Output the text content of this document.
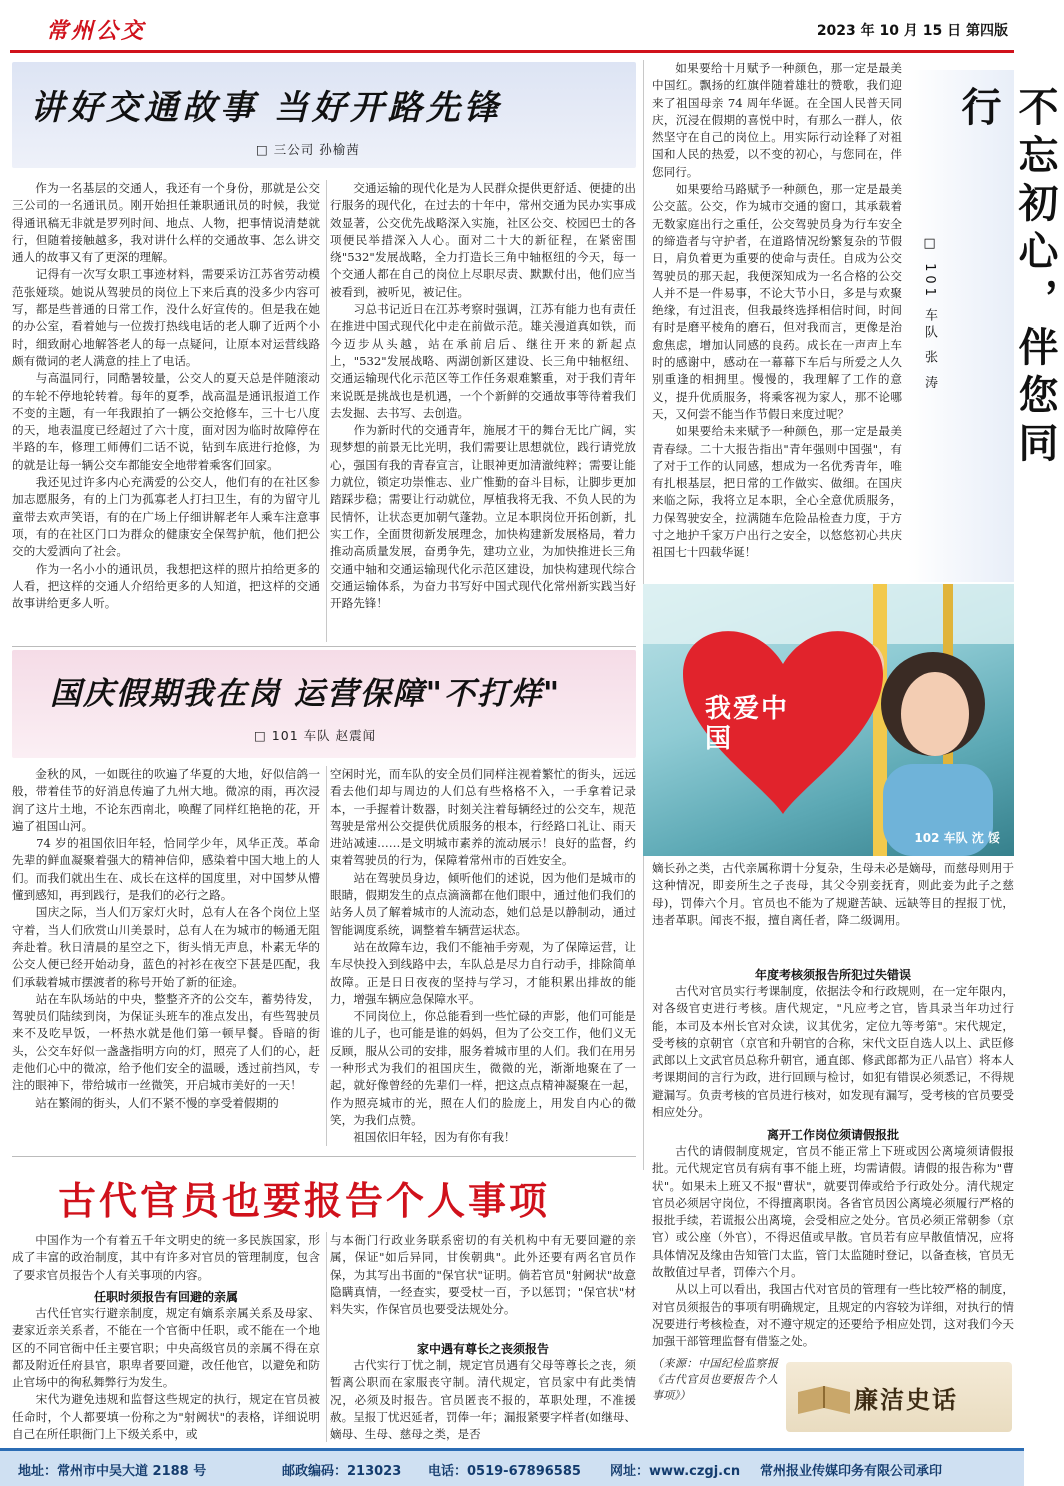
常州公交	2023 年 10 月 15 日 第四版
讲好交通故事 当好开路先锋
□ 三公司 孙榆茜
作为一名基层的交通人，我还有一个身份，那就是公交三公司的一名通讯员。刚开始担任兼职通讯员的时候，我觉得通讯稿无非就是罗列时间、地点、人物，把事情说清楚就行，但随着接触越多，我对讲什么样的交通故事、怎么讲交通人的故事又有了更深的理解。
　　记得有一次写女职工事迹材料，需要采访江苏省劳动模范张娅琰。她说从驾驶员的岗位上下来后真的没多少内容可写，都是些普通的日常工作，没什么好宣传的。但是我在她的办公室，看着她与一位拨打热线电话的老人聊了近两个小时，细致耐心地解答老人的每一点疑问，让原本对运营线路颇有微词的老人满意的挂上了电话。
　　与高温同行，同酷暑较量，公交人的夏天总是伴随滚动的车轮不停地轮转着。每年的夏季，战高温是通讯报道工作不变的主题，有一年我跟拍了一辆公交抢修车，三十七八度的天，地表温度已经超过了六十度，面对因为临时故障停在半路的车，修理工师傅们二话不说，钻到车底进行抢修，为的就是让每一辆公交车都能安全地带着乘客们回家。
　　我还见过许多内心充满爱的公交人，他们有的在社区参加志愿服务，有的上门为孤寡老人打扫卫生，有的为留守儿童带去欢声笑语，有的在广场上仔细讲解老年人乘车注意事项，有的在社区门口为群众的健康安全保驾护航，他们把公交的大爱洒向了社会。
　　作为一名小小的通讯员，我想把这样的照片拍给更多的人看，把这样的交通人介绍给更多的人知道，把这样的交通故事讲给更多人听。
交通运输的现代化是为人民群众提供更舒适、便捷的出行服务的现代化，在过去的十年中，常州交通为民办实事成效显著，公交优先战略深入实施，社区公交、校园巴士的各项便民举措深入人心。面对二十大的新征程，在紧密围绕"532"发展战略，全力打造长三角中轴枢纽的今天，每一个交通人都在自己的岗位上尽职尽责、默默付出，他们应当被看到，被听见，被记住。
　　习总书记近日在江苏考察时强调，江苏有能力也有责任在推进中国式现代化中走在前做示范。雄关漫道真如铁，而今迈步从头越，站在承前启后、继往开来的新起点上，"532"发展战略、两湖创新区建设、长三角中轴枢纽、交通运输现代化示范区等工作任务艰难繁重，对于我们青年来说既是挑战也是机遇，一个个新鲜的交通故事等待着我们去发掘、去书写、去创造。
　　作为新时代的交通青年，施展才干的舞台无比广阔，实现梦想的前景无比光明，我们需要让思想就位，践行请党放心，强国有我的青春宣言，让眼神更加清澈纯粹；需要让能力就位，锁定功崇惟志、业广惟勤的奋斗目标，让脚步更加踏踩步稳；需要让行动就位，厚植我将无我、不负人民的为民情怀，让状态更加朝气蓬勃。立足本职岗位开拓创新，扎实工作，全面贯彻新发展理念，加快构建新发展格局，着力推动高质量发展，奋勇争先，建功立业，为加快推进长三角交通中轴和交通运输现代化示范区建设，加快构建现代综合交通运输体系，为奋力书写好中国式现代化常州新实践当好开路先锋！
如果要给十月赋予一种颜色，那一定是最美中国红。飘扬的红旗伴随着雄壮的赞歌，我们迎来了祖国母亲 74 周年华诞。在全国人民普天同庆，沉浸在假期的喜悦中时，有那么一群人，依然坚守在自己的岗位上。用实际行动诠释了对祖国和人民的热爱，以不变的初心，与您同在，伴您同行。
　　如果要给马路赋予一种颜色，那一定是最美公交蓝。公交，作为城市交通的窗口，其承载着无数家庭出行之重任，公交驾驶员身为行车安全的缔造者与守护者，在道路情况纷繁复杂的节假日，肩负着更为重要的使命与责任。自成为公交驾驶员的那天起，我便深知成为一名合格的公交人并不是一件易事，不论大节小日，多是与欢聚绝缘，有过沮丧，但我最终选择相信时间，时间有时是磨平棱角的磨石，但对我而言，更像是治愈焦虑，增加认同感的良药。成长在一声声上车时的感谢中，感动在一幕幕下车后与所爱之人久别重逢的相拥里。慢慢的，我理解了工作的意义，提升优质服务，将乘客视为家人，那不论哪天，又何尝不能当作节假日来度过呢？
　　如果要给未来赋予一种颜色，那一定是最美青春绿。二十大报告指出"青年强则中国强"，有了对于工作的认同感，想成为一名优秀青年，唯有扎根基层，把日常的工作做实、做细。在国庆来临之际，我将立足本职，全心全意优质服务，力保驾驶安全，拉满随车危险品检查力度，于方寸之地护千家万户出行之安全，以悠悠初心共庆祖国七十四载华诞！
不忘初心，伴您同行
□ 101 车队 张 涛
我爱中国
102 车队 沈 馁
国庆假期我在岗 运营保障"不打烊"
□ 101 车队 赵震闻
金秋的风，一如既往的吹遍了华夏的大地，好似信鸽一般，带着佳节的好消息传遍了九州大地。微凉的雨，再次浸润了这片土地，不论东西南北，唤醒了同样红艳艳的花，开遍了祖国山河。
　　74 岁的祖国依旧年轻，恰同学少年，风华正茂。革命先辈的鲜血凝聚着强大的精神信仰，感染着中国大地上的人们。而我们就出生在、成长在这样的国度里，对中国梦从懵懂到感知，再到践行，是我们的必行之路。
　　国庆之际，当人们万家灯火时，总有人在各个岗位上坚守着，当人们欣赏山川美景时，总有人在为城市的畅通无阻奔赴着。秋日清晨的星空之下，街头悄无声息，朴素无华的公交人便已经开始动身，蓝色的衬衫在夜空下甚是匹配，我们承载着城市摆渡者的称号开始了新的征途。
　　站在车队场站的中央，整整齐齐的公交车，蓄势待发，驾驶员们陆续到岗，为保证头班车的准点发出，有些驾驶员来不及吃早饭，一杯热水就是他们第一顿早餐。昏暗的街头，公交车好似一盏盏指明方向的灯，照亮了人们的心，赶走他们心中的微凉，给予他们安全的温暖，透过前挡风，专注的眼神下，带给城市一丝微笑，开启城市美好的一天！
　　站在繁闹的街头，人们不紧不慢的享受着假期的
空闲时光，而车队的安全员们同样注视着繁忙的街头，远远看去他们却与周边的人们总有些格格不入，一手拿着记录本，一手握着计数器，时刻关注着每辆经过的公交车，规范驾驶是常州公交提供优质服务的根本，行经路口礼让、雨天进站减速……是文明城市素养的流动展示！良好的监督，约束着驾驶员的行为，保障着常州市的百姓安全。
　　站在驾驶员身边，倾听他们的述说，因为他们是城市的眼睛，假期发生的点点滴滴都在他们眼中，通过他们我们的站务人员了解着城市的人流动态，她们总是以静制动，通过智能调度系统，调整着车辆营运状态。
　　站在故障车边，我们不能袖手旁观，为了保障运营，让车尽快投入到线路中去，车队总是尽力自行动手，排除简单故障。正是日日夜夜的坚持与学习，才能积累出排故的能力，增强车辆应急保障水平。
　　不同岗位上，你总能看到一些忙碌的声影，他们可能是谁的儿子，也可能是谁的妈妈，但为了公交工作，他们义无反顾，服从公司的安排，服务着城市里的人们。我们在用另一种形式为我们的祖国庆生，微微的光，渐渐地聚在了一起，就好像曾经的先辈们一样，把这点点精神凝聚在一起，作为照亮城市的光，照在人们的脸庞上，用发自内心的微笑，为我们点赞。
　　祖国依旧年轻，因为有你有我！
古代官员也要报告个人事项
中国作为一个有着五千年文明史的统一多民族国家，形成了丰富的政治制度，其中有许多对官员的管理制度，包含了要求官员报告个人有关事项的内容。
任职时须报告有回避的亲属
古代任官实行避亲制度，规定有嫡系亲属关系及母家、妻家近亲关系者，不能在一个官衙中任职，或不能在一个地区的不同官衙中任主要官职；中央高级官员的亲属不得在京都及附近任府县官，职卑者要回避，改任他官，以避免和防止官场中的徇私舞弊行为发生。
　　宋代为避免违规和监督这些规定的执行，规定在官员被任命时，个人都要填一份称之为"射阙状"的表格，详细说明自己在所任职衙门上下级关系中，或
与本衙门行政业务联系密切的有关机构中有无要回避的亲属，保证"如后异同，甘俟朝典"。此外还要有两名官员作保，为其写出书面的"保官状"证明。倘若官员"射阙状"故意隐瞒真情，一经查实，要受杖一百，予以惩罚；"保官状"材料失实，作保官员也要受法规处分。
家中遇有尊长之丧须报告
古代实行丁忧之制，规定官员遇有父母等尊长之丧，须暂离公职而在家服丧守制。清代规定，官员家中有此类情况，必须及时报告。官员匿丧不报的，革职处理，不准援赦。呈报丁忧迟延者，罚俸一年；漏报紧要字样者(如继母、嫡母、生母、慈母之类，是否
嫡长孙之类，古代亲属称谓十分复杂，生母未必是嫡母，而慈母则用于这种情况，即妾所生之子丧母，其父令别妾抚育，则此妾为此子之慈母)，罚俸六个月。官员也不能为了规避苦缺、远缺等目的捏报丁忧，违者革职。闻丧不报，擅自离任者，降二级调用。
年度考核须报告所犯过失错误
古代对官员实行考课制度，依据法令和行政规则，在一定年限内，对各级官吏进行考核。唐代规定，"凡应考之官，皆具录当年功过行能，本司及本州长官对众读，议其优劣，定位九等考第"。宋代规定，受考核的京朝官（京官和升朝官的合称，宋代文臣自选人以上、武臣修武郎以上文武官员总称升朝官，通直郎、修武郎都为正八品官）将本人考课期间的言行为政，进行回顾与检讨，如犯有错误必须悉记，不得规避漏写。负责考核的官员进行核对，如发现有漏写，受考核的官员要受相应处分。
离开工作岗位须请假报批
古代的请假制度规定，官员不能正常上下班或因公离境须请假报批。元代规定官员有病有事不能上班，均需请假。请假的报告称为"曹状"。如果未上班又不报"曹状"，就要罚俸或给予行政处分。清代规定官员必须居守岗位，不得擅离职岗。各省官员因公离境必须履行严格的报批手续，若谎报公出离境，会受相应之处分。官员必须正常朝参（京官）或公座（外官），不得迟值或早散。官员若有应早散值情况，应将具体情况及缘由告知管门太监，管门太监随时登记，以备查核，官员无故散值过早者，罚俸六个月。
　　从以上可以看出，我国古代对官员的管理有一些比较严格的制度，对官员须报告的事项有明确规定，且规定的内容较为详细，对执行的情况要进行考核检查，对不遵守规定的还要给予相应处罚，这对我们今天加强干部管理监督有借鉴之处。
（来源：中国纪检监察报《古代官员也要报告个人事项》）	廉洁史话
地址：常州市中吴大道 2188 号	邮政编码：213023 电话：0519-67896585 网址：www.czgj.cn 常州报业传媒印务有限公司承印
